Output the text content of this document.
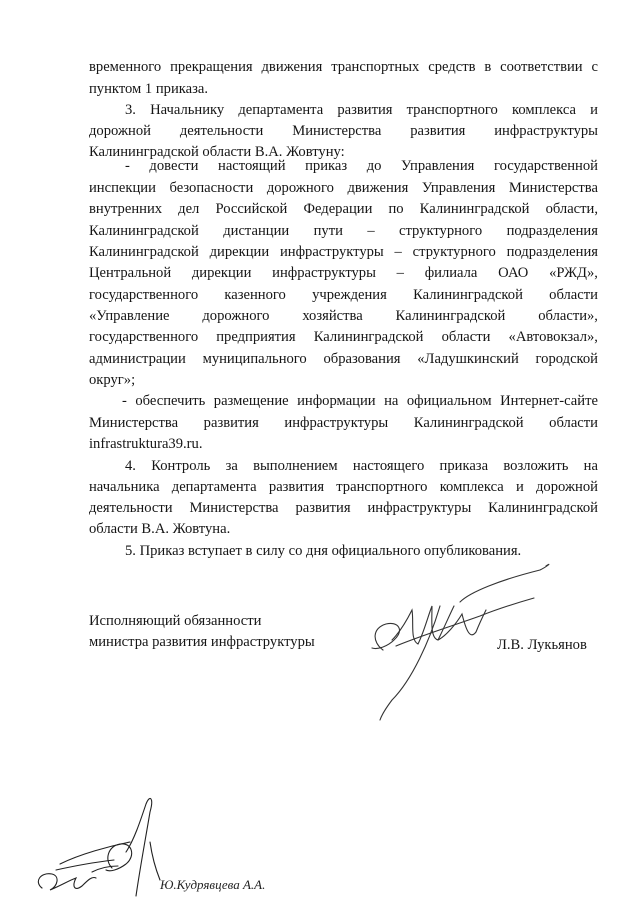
временного прекращения движения транспортных средств в соответствии с
пунктом 1 приказа.
3. Начальнику департамента развития транспортного комплекса и
дорожной деятельности Министерства развития инфраструктуры
Калининградской области В.А. Жовтуну:
- довести настоящий приказ до Управления государственной
инспекции безопасности дорожного движения Управления Министерства
внутренних дел Российской Федерации по Калининградской области,
Калининградской дистанции пути – структурного подразделения
Калининградской дирекции инфраструктуры – структурного подразделения
Центральной дирекции инфраструктуры – филиала ОАО «РЖД»,
государственного казенного учреждения Калининградской области
«Управление дорожного хозяйства Калининградской области»,
государственного предприятия Калининградской области «Автовокзал»,
администрации муниципального образования «Ладушкинский городской
округ»;
- обеспечить размещение информации на официальном Интернет-сайте
Министерства развития инфраструктуры Калининградской области
infrastruktura39.ru.
4. Контроль за выполнением настоящего приказа возложить на
начальника департамента развития транспортного комплекса и дорожной
деятельности Министерства развития инфраструктуры Калининградской
области В.А. Жовтуна.
5. Приказ вступает в силу со дня официального опубликования.
Исполняющий обязанности
министра развития инфраструктуры	Л.В. Лукьянов
Ю.Кудрявцева А.А.
